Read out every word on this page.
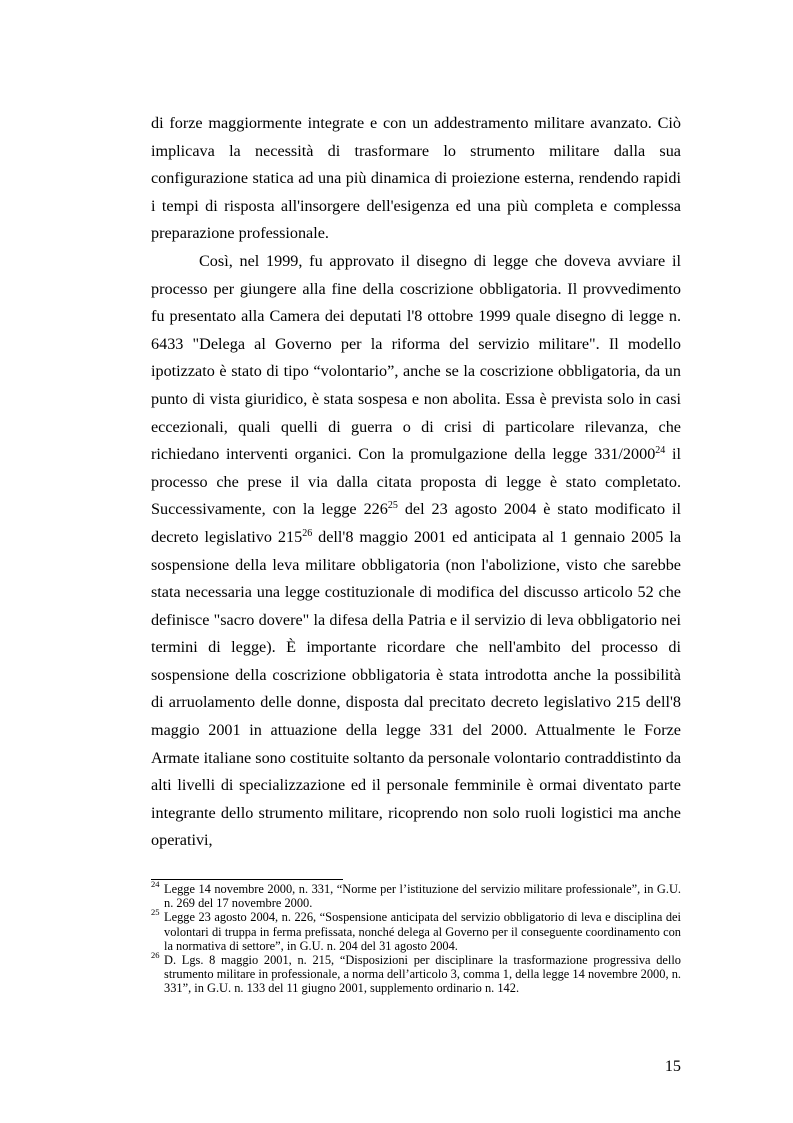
di forze maggiormente integrate e con un addestramento militare avanzato. Ciò implicava la necessità di trasformare lo strumento militare dalla sua configurazione statica ad una più dinamica di proiezione esterna, rendendo rapidi i tempi di risposta all'insorgere dell'esigenza ed una più completa e complessa preparazione professionale.

Così, nel 1999, fu approvato il disegno di legge che doveva avviare il processo per giungere alla fine della coscrizione obbligatoria. Il provvedimento fu presentato alla Camera dei deputati l'8 ottobre 1999 quale disegno di legge n. 6433 "Delega al Governo per la riforma del servizio militare". Il modello ipotizzato è stato di tipo “volontario”, anche se la coscrizione obbligatoria, da un punto di vista giuridico, è stata sospesa e non abolita. Essa è prevista solo in casi eccezionali, quali quelli di guerra o di crisi di particolare rilevanza, che richiedano interventi organici. Con la promulgazione della legge 331/2000$^{24}$ il processo che prese il via dalla citata proposta di legge è stato completato. Successivamente, con la legge $226^{25}$ del 23 agosto 2004 è stato modificato il decreto legislativo $215^{26}$ dell'8 maggio 2001 ed anticipata al 1 gennaio 2005 la sospensione della leva militare obbligatoria (non l'abolizione, visto che sarebbe stata necessaria una legge costituzionale di modifica del discusso articolo 52 che definisce "sacro dovere" la difesa della Patria e il servizio di leva obbligatorio nei termini di legge). È importante ricordare che nell'ambito del processo di sospensione della coscrizione obbligatoria è stata introdotta anche la possibilità di arruolamento delle donne, disposta dal precitato decreto legislativo 215 dell'8 maggio 2001 in attuazione della legge 331 del 2000. Attualmente le Forze Armate italiane sono costituite soltanto da personale volontario contraddistinto da alti livelli di specializzazione ed il personale femminile è ormai diventato parte integrante dello strumento militare, ricoprendo non solo ruoli logistici ma anche operativi,

24 Legge 14 novembre 2000, n. 331, “Norme per l’istituzione del servizio militare professionale”, in G.U. n. 269 del 17 novembre 2000.

25 Legge 23 agosto 2004, n. 226, “Sospensione anticipata del servizio obbligatorio di leva e disciplina dei volontari di truppa in ferma prefissata, nonché delega al Governo per il conseguente coordinamento con la normativa di settore”, in G.U. n. 204 del 31 agosto 2004.

26 D. Lgs. 8 maggio 2001, n. 215, “Disposizioni per disciplinare la trasformazione progressiva dello strumento militare in professionale, a norma dell’articolo 3, comma 1, della legge 14 novembre 2000, n. 331”, in G.U. n. 133 del 11 giugno 2001, supplemento ordinario n. 142.

15
